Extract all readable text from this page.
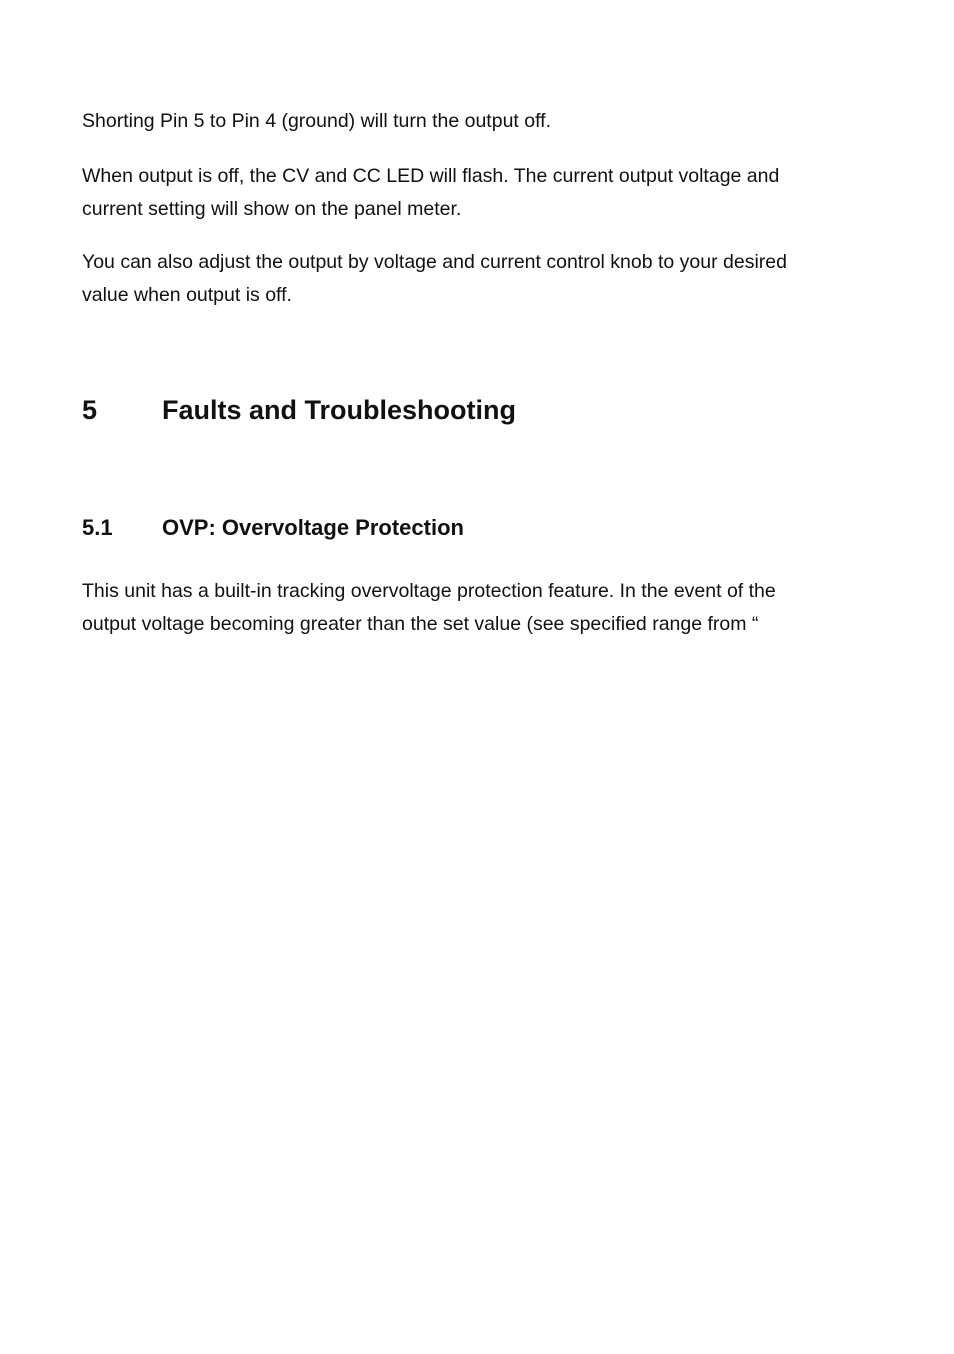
Shorting Pin 5 to Pin 4 (ground) will turn the output off.

When output is off, the CV and CC LED will flash. The current output voltage and
current setting will show on the panel meter.

You can also adjust the output by voltage and current control knob to your desired
value when output is off.

5 Faults and Troubleshooting
5.1 OVP: Overvoltage Protection

This unit has a built-in tracking overvoltage protection feature. In the event of the
output voltage becoming greater than the set value (see specified range from “
